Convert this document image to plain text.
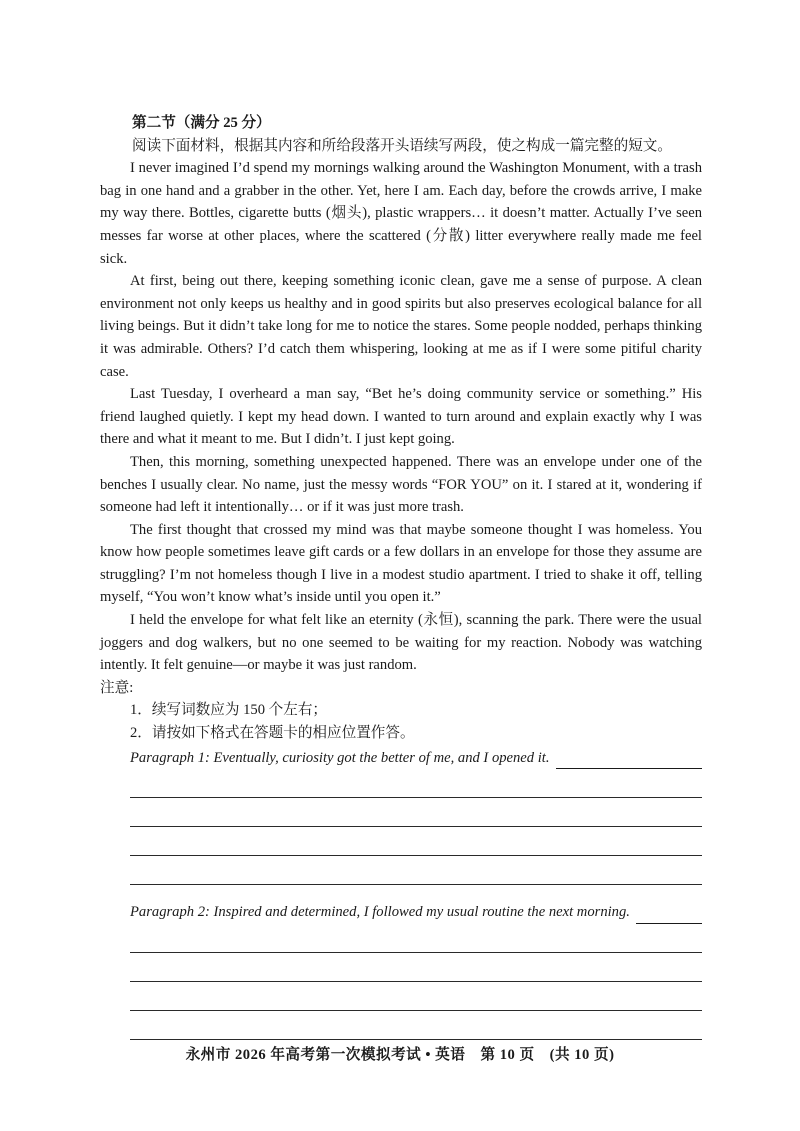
第二节（满分 25 分）

阅读下面材料，根据其内容和所给段落开头语续写两段，使之构成一篇完整的短文。

I never imagined I’d spend my mornings walking around the Washington Monument, with a trash bag in one hand and a grabber in the other. Yet, here I am. Each day, before the crowds arrive, I make my way there. Bottles, cigarette butts (烟头), plastic wrappers… it doesn’t matter. Actually I’ve seen messes far worse at other places, where the scattered (分散) litter everywhere really made me feel sick.

At first, being out there, keeping something iconic clean, gave me a sense of purpose. A clean environment not only keeps us healthy and in good spirits but also preserves ecological balance for all living beings. But it didn’t take long for me to notice the stares. Some people nodded, perhaps thinking it was admirable. Others? I’d catch them whispering, looking at me as if I were some pitiful charity case.

Last Tuesday, I overheard a man say, “Bet he’s doing community service or something.” His friend laughed quietly. I kept my head down. I wanted to turn around and explain exactly why I was there and what it meant to me. But I didn’t. I just kept going.

Then, this morning, something unexpected happened. There was an envelope under one of the benches I usually clear. No name, just the messy words “FOR YOU” on it. I stared at it, wondering if someone had left it intentionally… or if it was just more trash.

The first thought that crossed my mind was that maybe someone thought I was homeless. You know how people sometimes leave gift cards or a few dollars in an envelope for those they assume are struggling? I’m not homeless though I live in a modest studio apartment. I tried to shake it off, telling myself, “You won’t know what’s inside until you open it.”

I held the envelope for what felt like an eternity (永恒), scanning the park. There were the usual joggers and dog walkers, but no one seemed to be waiting for my reaction. Nobody was watching intently. It felt genuine—or maybe it was just random.

注意:

1．续写词数应为 150 个左右；
2．请按如下格式在答题卡的相应位置作答。
Paragraph 1: Eventually, curiosity got the better of me, and I opened it.
Paragraph 2: Inspired and determined, I followed my usual routine the next morning.
永州市 2026 年高考第一次模拟考试 • 英语　第 10 页　(共 10 页)
